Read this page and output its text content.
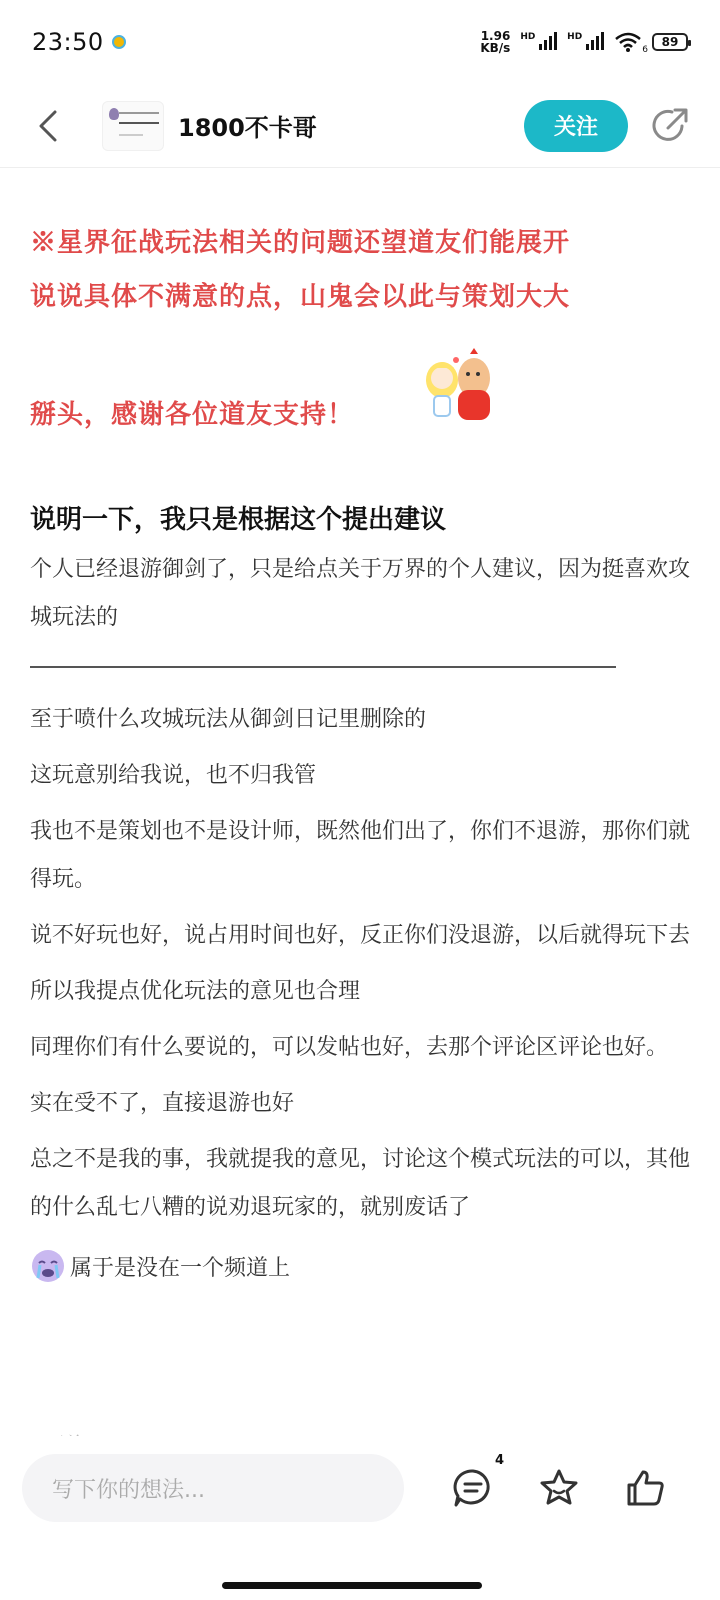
23:50	1.96
KB/s
$^{HD}$	$^{HD}$
6
89
1800不卡哥	关注
※星界征战玩法相关的问题还望道友们能展开
说说具体不满意的点，山鬼会以此与策划大大
掰头，感谢各位道友支持！
说明一下，我只是根据这个提出建议
个人已经退游御剑了，只是给点关于万界的个人建议，因为挺喜欢攻城玩法的
至于喷什么攻城玩法从御剑日记里删除的
这玩意别给我说，也不归我管
我也不是策划也不是设计师，既然他们出了，你们不退游，那你们就得玩。
说不好玩也好，说占用时间也好，反正你们没退游，以后就得玩下去
所以我提点优化玩法的意见也合理
同理你们有什么要说的，可以发帖也好，去那个评论区评论也好。
实在受不了，直接退游也好
总之不是我的事，我就提我的意见，讨论这个模式玩法的可以，其他的什么乱七八糟的说劝退玩家的，就别废话了
属于是没在一个频道上
写下你的想法...
4
